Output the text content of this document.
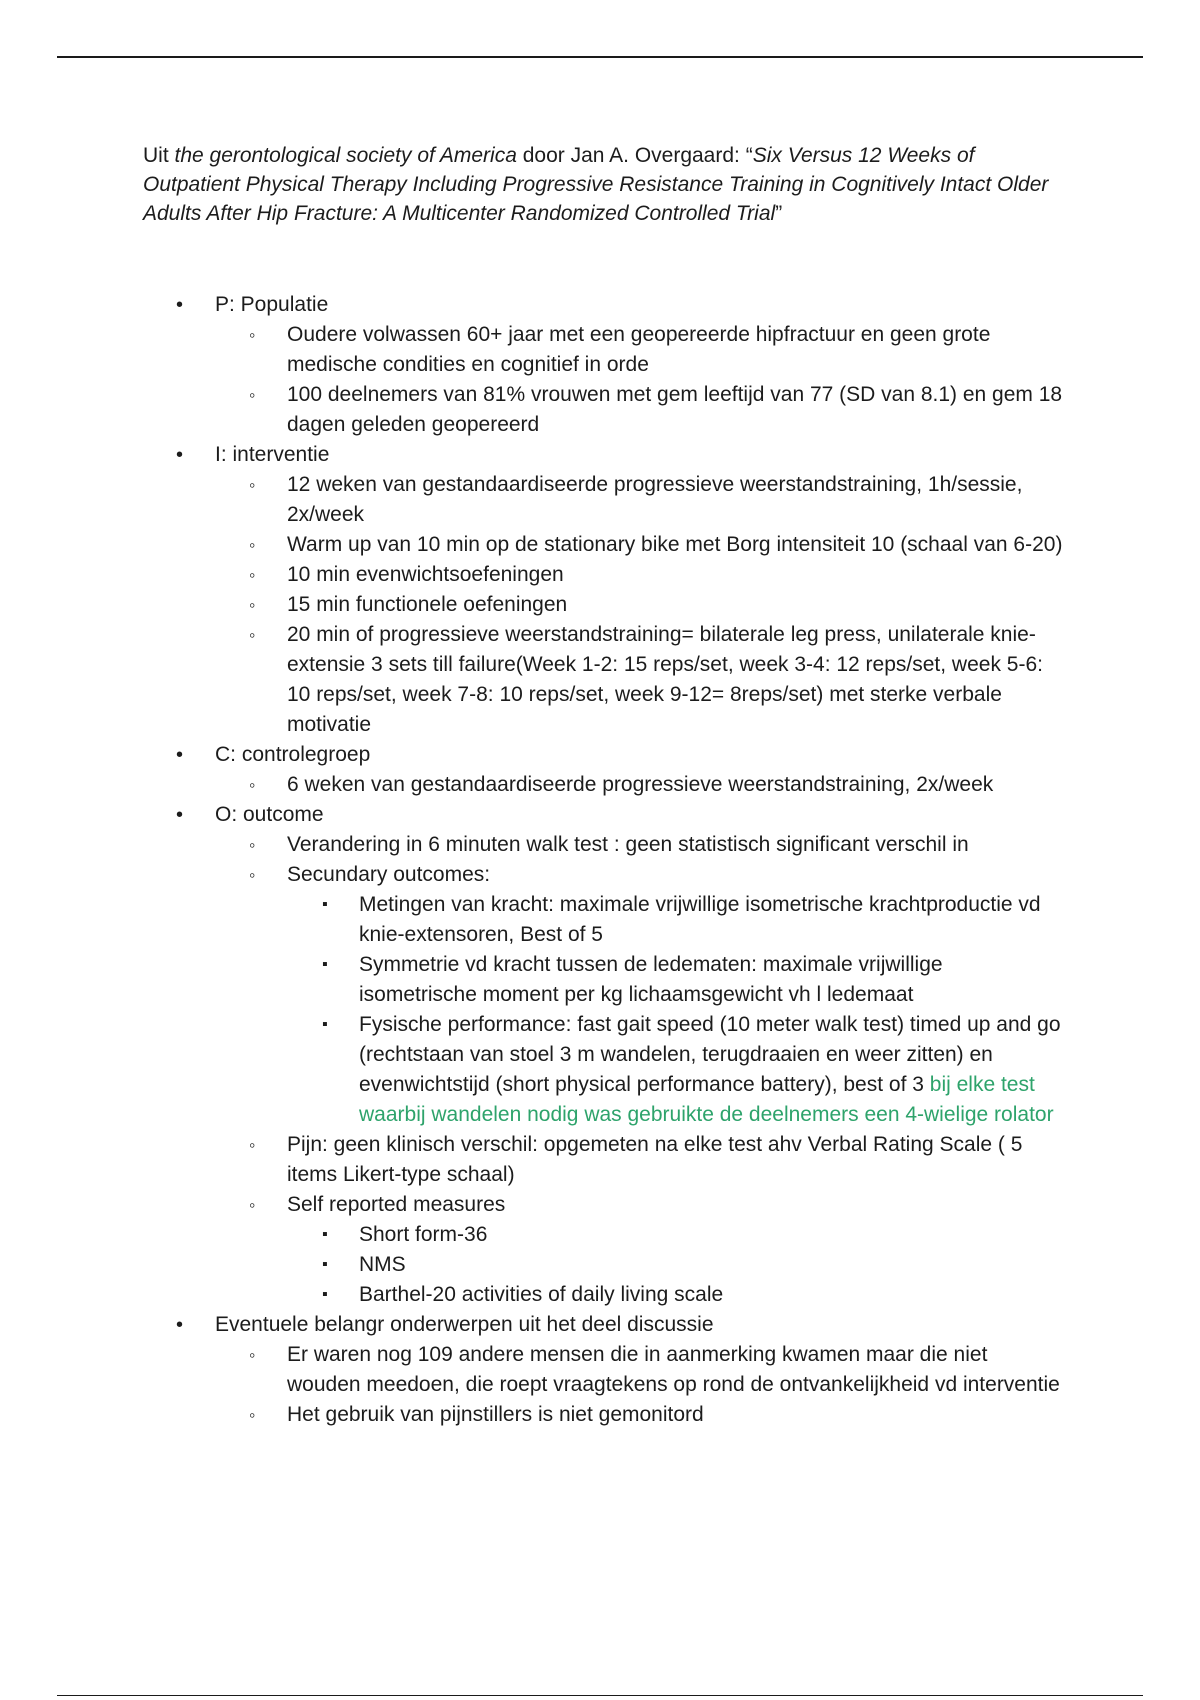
Uit the gerontological society of America door Jan A. Overgaard: “Six Versus 12 Weeks of Outpatient Physical Therapy Including Progressive Resistance Training in Cognitively Intact Older Adults After Hip Fracture: A Multicenter Randomized Controlled Trial”

• P: Populatie
◦ Oudere volwassen 60+ jaar met een geopereerde hipfractuur en geen grote medische condities en cognitief in orde
◦ 100 deelnemers van 81% vrouwen met gem leeftijd van 77 (SD van 8.1) en gem 18 dagen geleden geopereerd
• I: interventie
◦ 12 weken van gestandaardiseerde progressieve weerstandstraining, 1h/sessie, 2x/week
◦ Warm up van 10 min op de stationary bike met Borg intensiteit 10 (schaal van 6-20)
◦ 10 min evenwichtsoefeningen
◦ 15 min functionele oefeningen
◦ 20 min of progressieve weerstandstraining= bilaterale leg press, unilaterale knie-extensie 3 sets till failure(Week 1-2: 15 reps/set, week 3-4: 12 reps/set, week 5-6: 10 reps/set, week 7-8: 10 reps/set, week 9-12= 8reps/set) met sterke verbale motivatie
• C: controlegroep
◦ 6 weken van gestandaardiseerde progressieve weerstandstraining, 2x/week
• O: outcome
◦ Verandering in 6 minuten walk test : geen statistisch significant verschil in
◦ Secundary outcomes:
▪ Metingen van kracht: maximale vrijwillige isometrische krachtproductie vd knie-extensoren, Best of 5
▪ Symmetrie vd kracht tussen de ledematen: maximale vrijwillige isometrische moment per kg lichaamsgewicht vh l ledemaat
▪ Fysische performance: fast gait speed (10 meter walk test) timed up and go (rechtstaan van stoel 3 m wandelen, terugdraaien en weer zitten) en evenwichtstijd (short physical performance battery), best of 3 bij elke test waarbij wandelen nodig was gebruikte de deelnemers een 4-wielige rolator
◦ Pijn: geen klinisch verschil: opgemeten na elke test ahv Verbal Rating Scale ( 5 items Likert-type schaal)
◦ Self reported measures
▪ Short form-36
▪ NMS
▪ Barthel-20 activities of daily living scale
• Eventuele belangr onderwerpen uit het deel discussie
◦ Er waren nog 109 andere mensen die in aanmerking kwamen maar die niet wouden meedoen, die roept vraagtekens op rond de ontvankelijkheid vd interventie
◦ Het gebruik van pijnstillers is niet gemonitord
